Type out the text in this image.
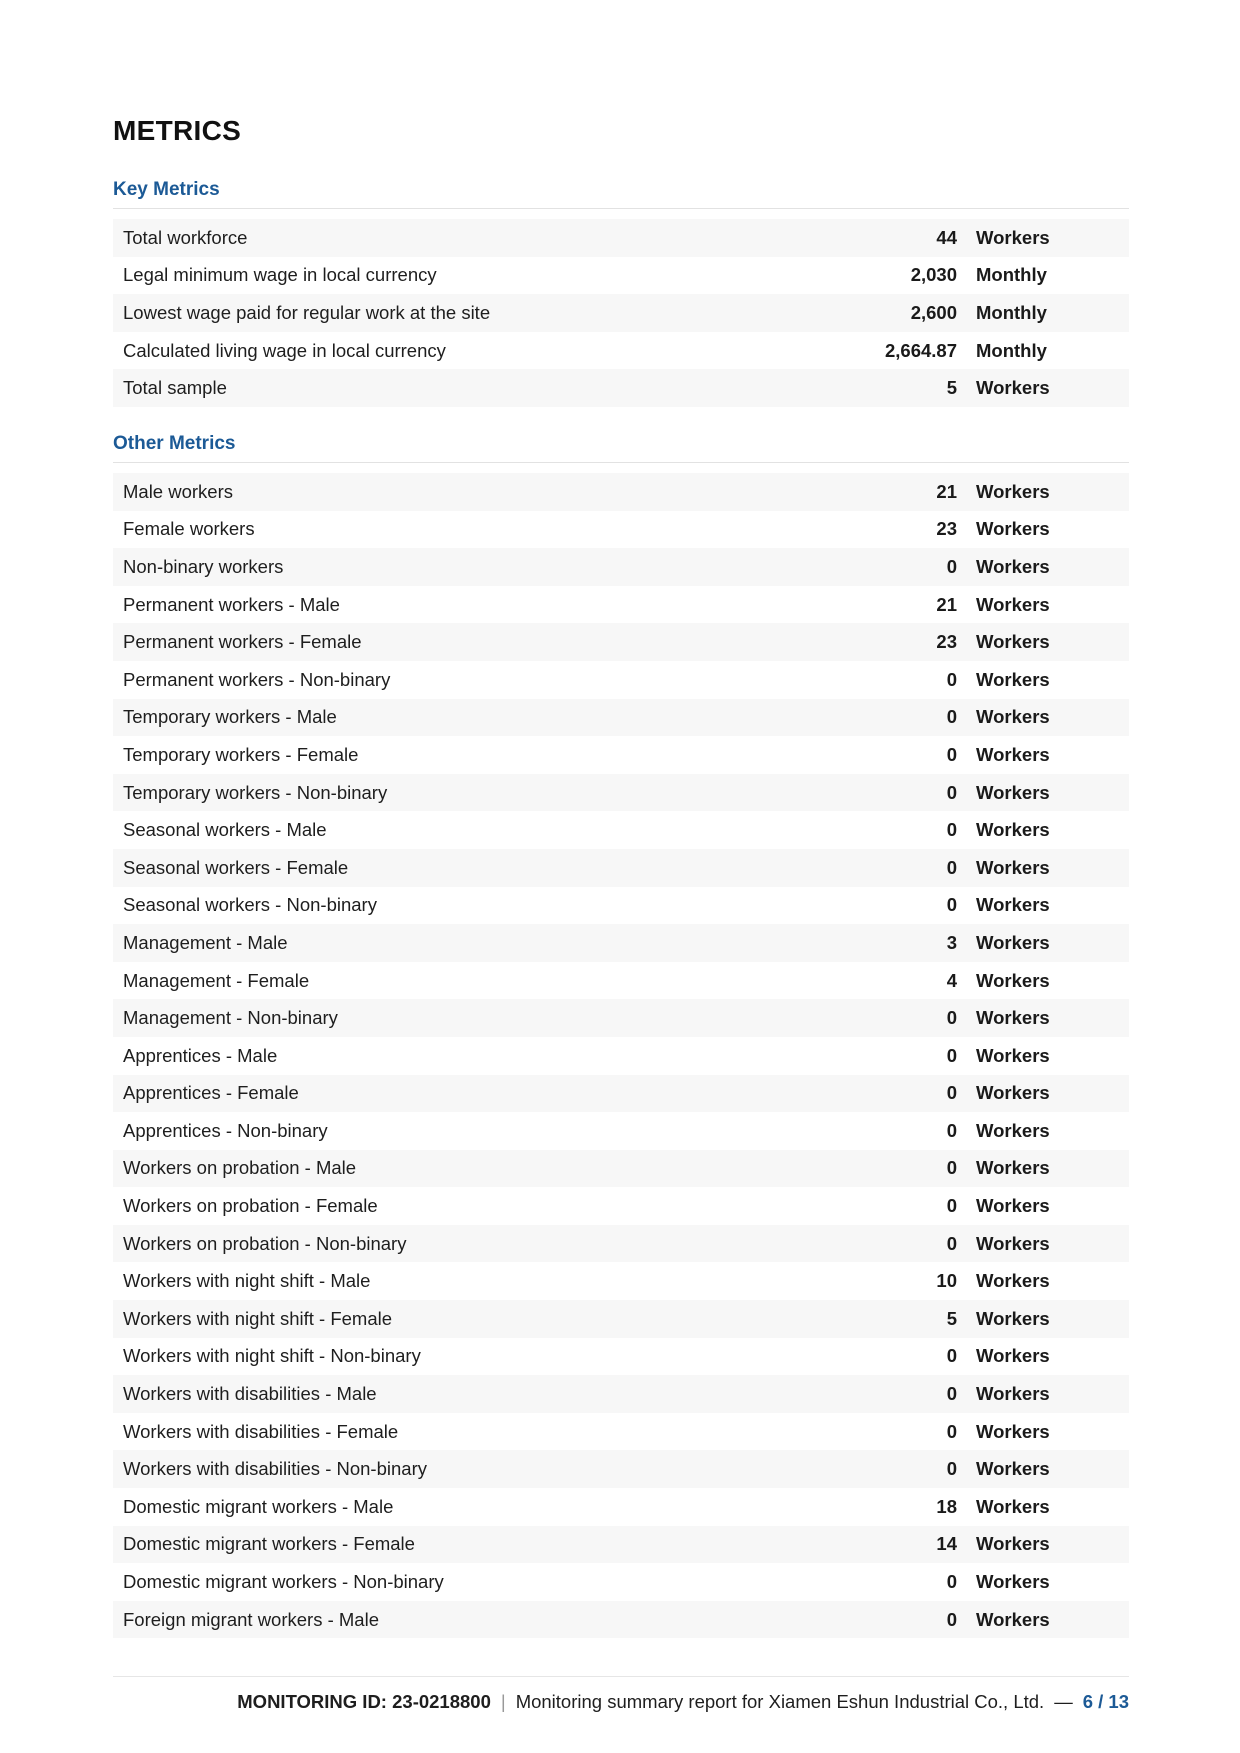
METRICS
Key Metrics
Total workforce	44	Workers
Legal minimum wage in local currency	2,030	Monthly
Lowest wage paid for regular work at the site	2,600	Monthly
Calculated living wage in local currency	2,664.87	Monthly
Total sample	5	Workers
Other Metrics
Male workers	21	Workers
Female workers	23	Workers
Non-binary workers	0	Workers
Permanent workers - Male	21	Workers
Permanent workers - Female	23	Workers
Permanent workers - Non-binary	0	Workers
Temporary workers - Male	0	Workers
Temporary workers - Female	0	Workers
Temporary workers - Non-binary	0	Workers
Seasonal workers - Male	0	Workers
Seasonal workers - Female	0	Workers
Seasonal workers - Non-binary	0	Workers
Management - Male	3	Workers
Management - Female	4	Workers
Management - Non-binary	0	Workers
Apprentices - Male	0	Workers
Apprentices - Female	0	Workers
Apprentices - Non-binary	0	Workers
Workers on probation - Male	0	Workers
Workers on probation - Female	0	Workers
Workers on probation - Non-binary	0	Workers
Workers with night shift - Male	10	Workers
Workers with night shift - Female	5	Workers
Workers with night shift - Non-binary	0	Workers
Workers with disabilities - Male	0	Workers
Workers with disabilities - Female	0	Workers
Workers with disabilities - Non-binary	0	Workers
Domestic migrant workers - Male	18	Workers
Domestic migrant workers - Female	14	Workers
Domestic migrant workers - Non-binary	0	Workers
Foreign migrant workers - Male	0	Workers
MONITORING ID: 23-0218800 | Monitoring summary report for Xiamen Eshun Industrial Co., Ltd. — 6 / 13
